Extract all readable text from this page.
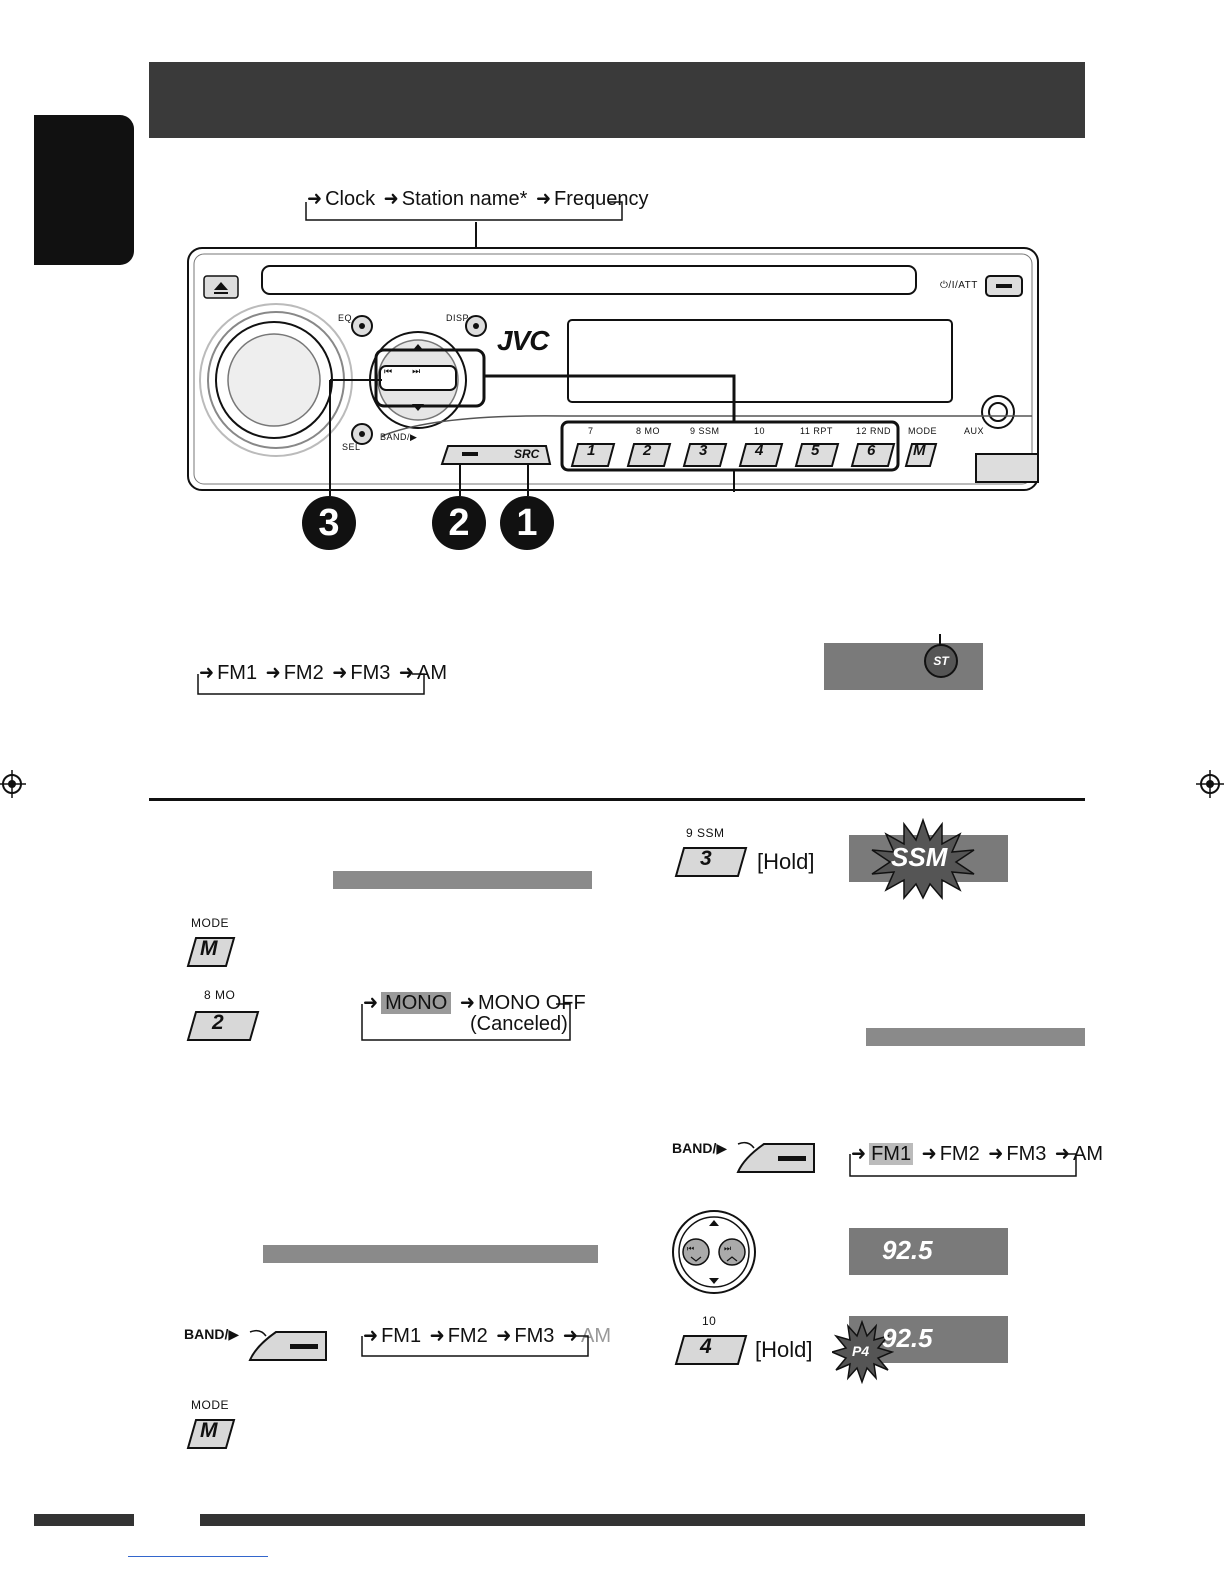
➜ Clock ➜ Station name* ➜ Frequency
JVC
⏻/I/ATT
EQ	DISP
SEL
BAND/▶
SRC
MODE	AUX
7	8 MO	9 SSM	10	11 RPT	12 RND
1	2	3	4	5	6	M
⏮    ⏭
3	2	1
➜ FM1 ➜ FM2 ➜ FM3 ➜ AM
ST
MODE
M
8 MO
2
➜ MONO ➜ MONO OFF
(Canceled)
BAND/▶	➜ FM1 ➜ FM2 ➜ FM3 ➜ AM
MODE
M
9 SSM
3 [Hold]	SSM
BAND/▶	➜ FM1 ➜ FM2 ➜ FM3 ➜ AM
⏮	⏭	92.5
10
4 [Hold]	P4 92.5
